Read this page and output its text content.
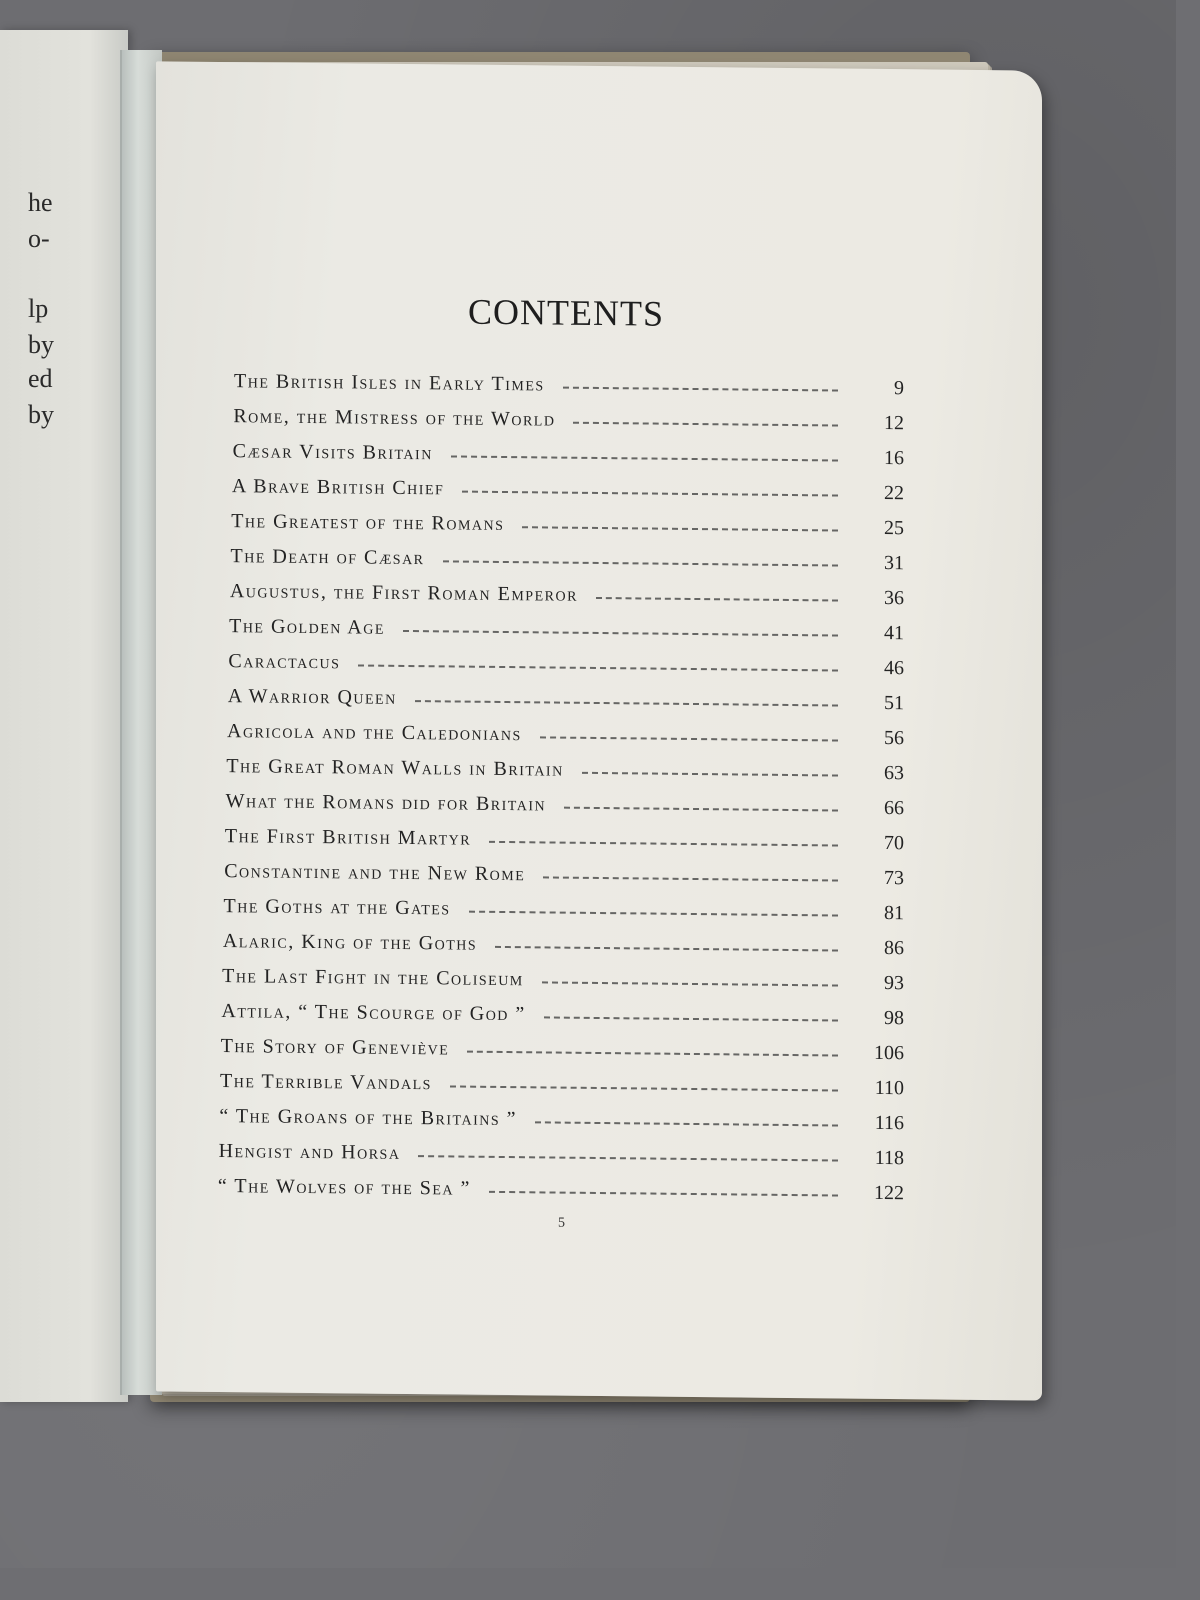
he
o-
lp
by
ed
by
CONTENTS
The British Isles in Early Times	9
Rome, the Mistress of the World	12
Cæsar Visits Britain	16
A Brave British Chief	22
The Greatest of the Romans	25
The Death of Cæsar	31
Augustus, the First Roman Emperor	36
The Golden Age	41
Caractacus	46
A Warrior Queen	51
Agricola and the Caledonians	56
The Great Roman Walls in Britain	63
What the Romans did for Britain	66
The First British Martyr	70
Constantine and the New Rome	73
The Goths at the Gates	81
Alaric, King of the Goths	86
The Last Fight in the Coliseum	93
Attila, “ The Scourge of God ”	98
The Story of Geneviève	106
The Terrible Vandals	110
“ The Groans of the Britains ”	116
Hengist and Horsa	118
“ The Wolves of the Sea ”	122
5
